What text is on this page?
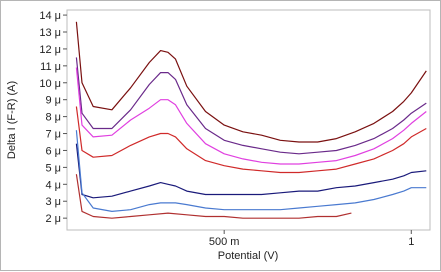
2 μ
3 μ
4 μ
5 μ
6 μ
7 μ
8 μ
9 μ
10 μ
11 μ
12 μ
13 μ
14 μ
500 m	1
Potential (V)
Delta I (F-R) (A)
